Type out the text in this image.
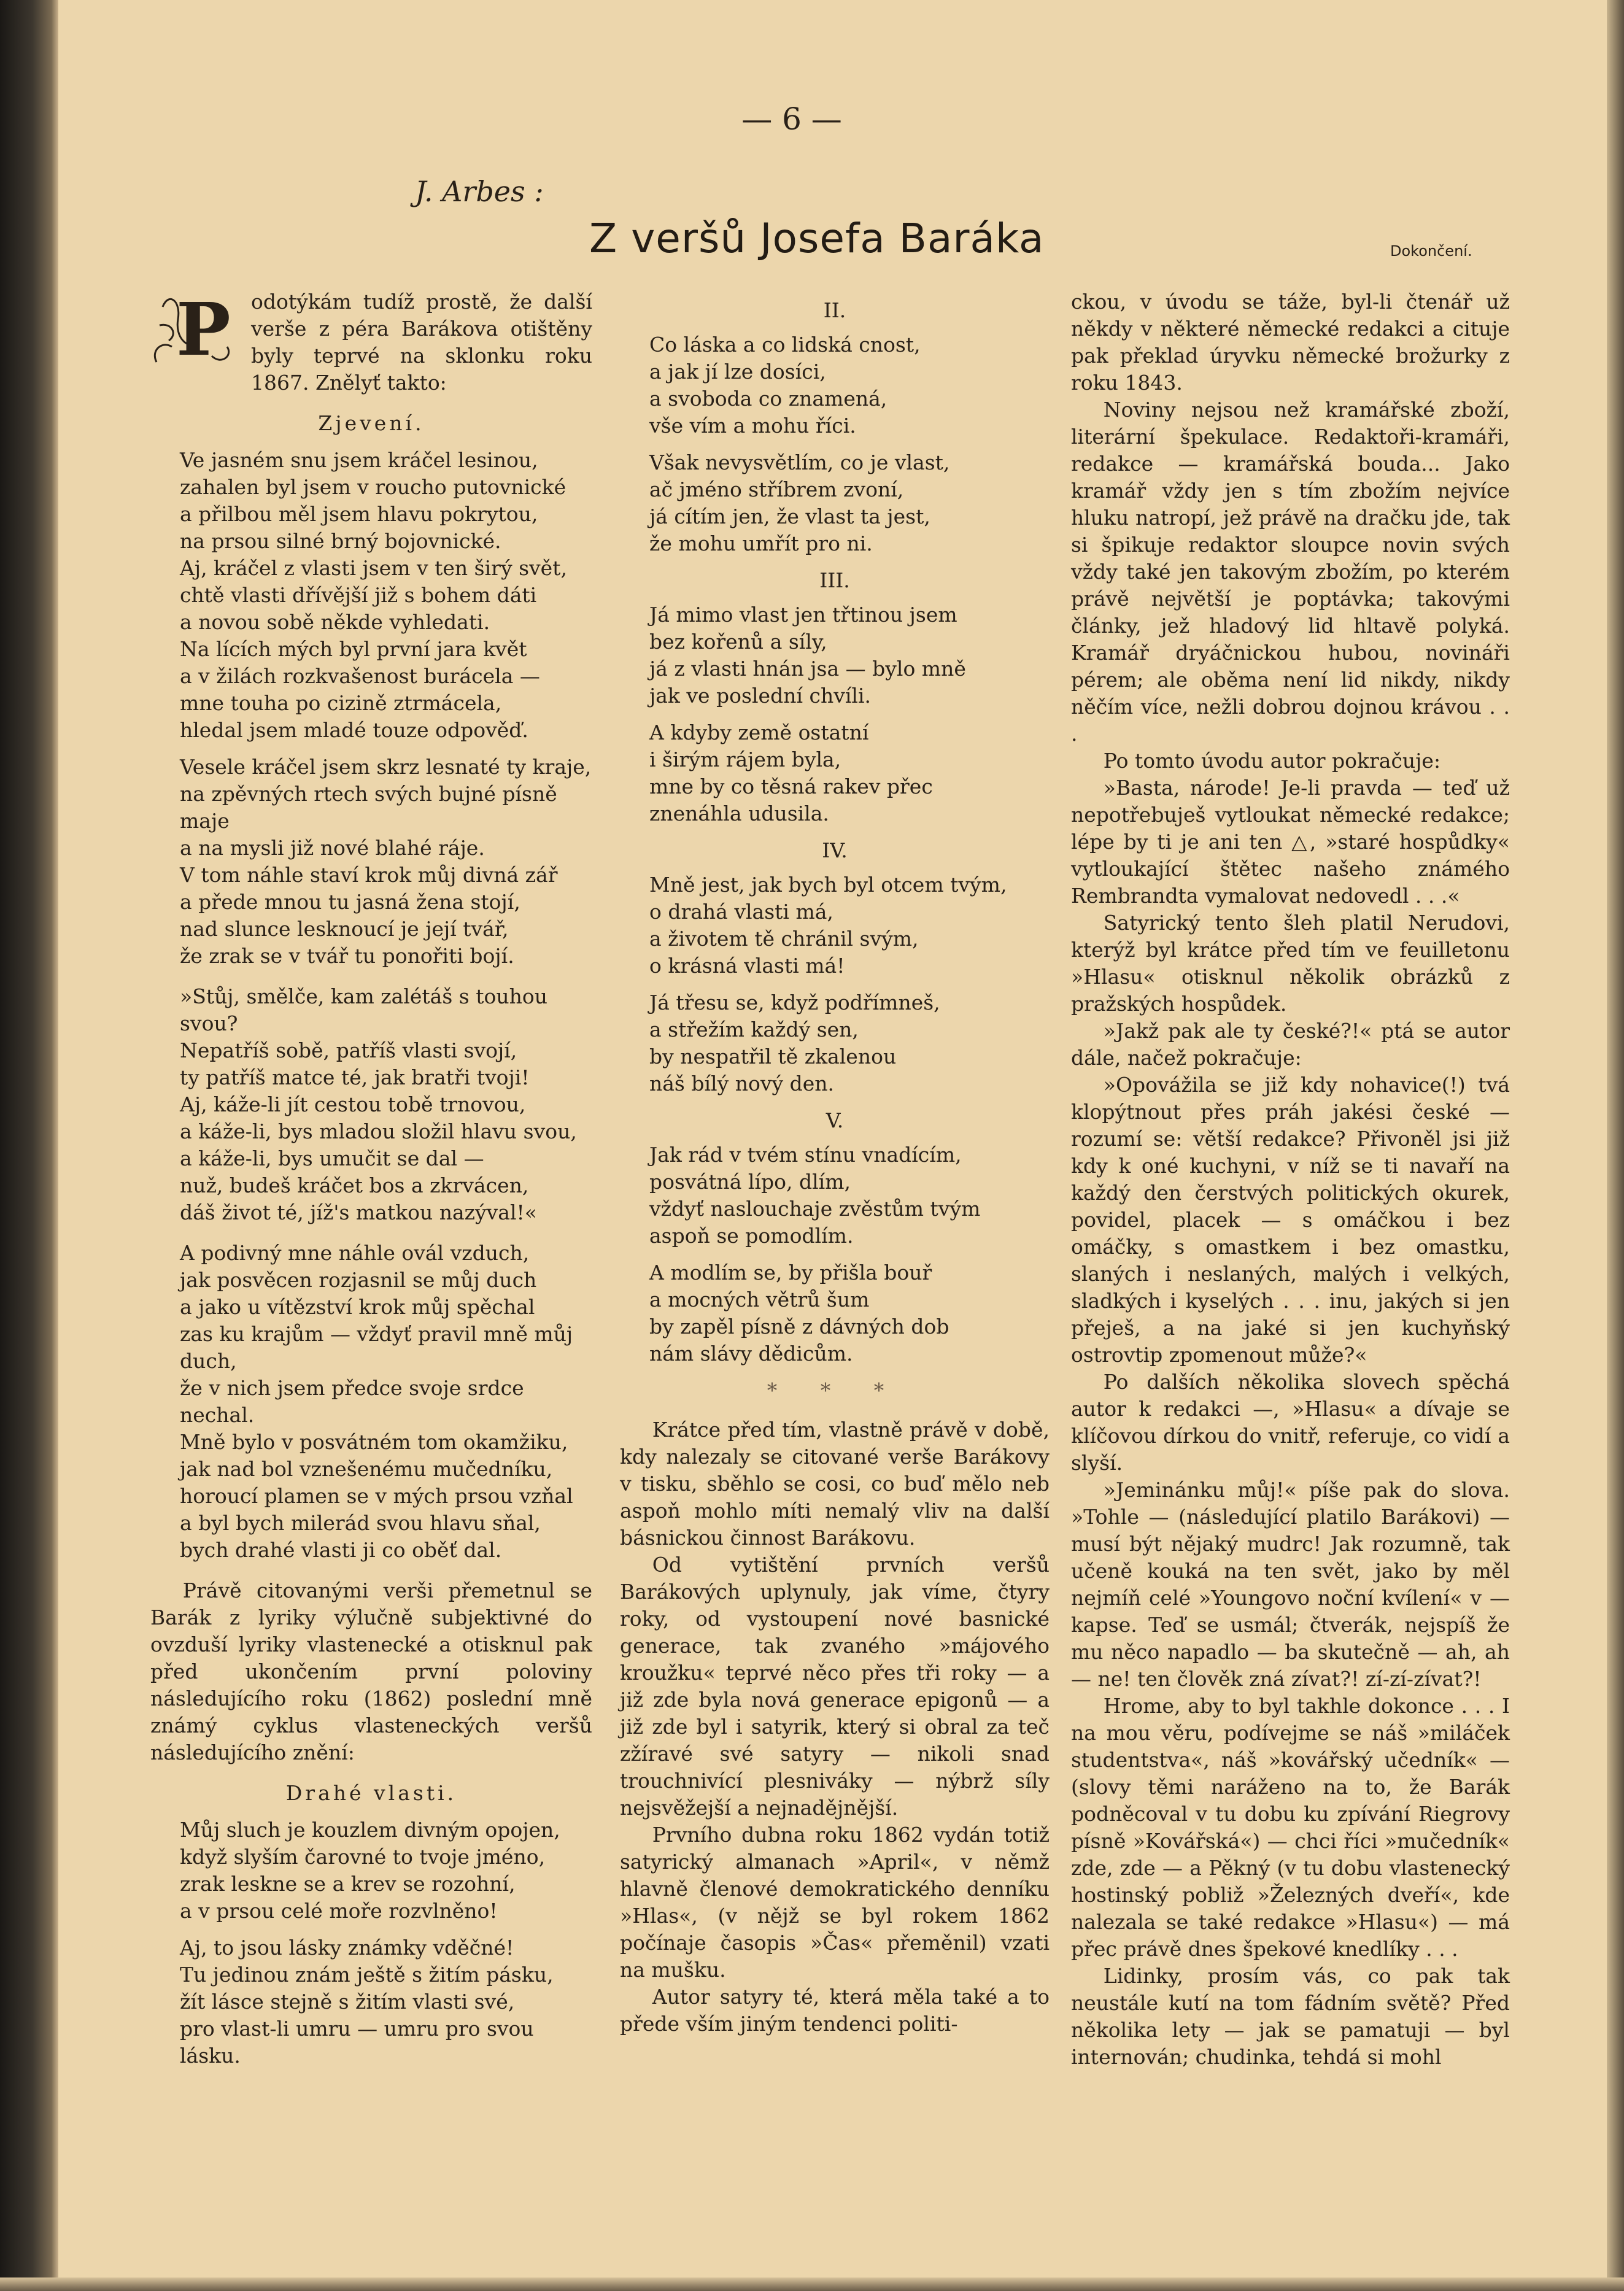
— 6 —
J. Arbes :
Z veršů Josefa Baráka	Dokončení.
P	odotýkám tudíž prostě, že další verše z péra Barákova otištěny byly teprvé na sklonku roku 1867. Znělyť takto:

Zjevení.

Ve jasném snu jsem kráčel lesinou,
zahalen byl jsem v roucho putovnické
a přilbou měl jsem hlavu pokrytou,
na prsou silné brný bojovnické.
Aj, kráčel z vlasti jsem v ten širý svět,
chtě vlasti dřívější již s bohem dáti
a novou sobě někde vyhledati.
Na lících mých byl první jara květ
a v žilách rozkvašenost burácela —
mne touha po cizině ztrmácela,
hledal jsem mladé touze odpověď.

Vesele kráčel jsem skrz lesnaté ty kraje,
na zpěvných rtech svých bujné písně maje
a na mysli již nové blahé ráje.
V tom náhle staví krok můj divná zář
a přede mnou tu jasná žena stojí,
nad slunce lesknoucí je její tvář,
že zrak se v tvář tu ponořiti bojí.

»Stůj, smělče, kam zalétáš s touhou svou?
Nepatříš sobě, patříš vlasti svojí,
ty patříš matce té, jak bratři tvoji!
Aj, káže-li jít cestou tobě trnovou,
a káže-li, bys mladou složil hlavu svou,
a káže-li, bys umučit se dal —
nuž, budeš kráčet bos a zkrvácen,
dáš život té, jíž's matkou nazýval!«

A podivný mne náhle ovál vzduch,
jak posvěcen rozjasnil se můj duch
a jako u vítězství krok můj spěchal
zas ku krajům — vždyť pravil mně můj duch,
že v nich jsem předce svoje srdce nechal.
Mně bylo v posvátném tom okamžiku,
jak nad bol vznešenému mučedníku,
horoucí plamen se v mých prsou vzňal
a byl bych milerád svou hlavu sňal,
bych drahé vlasti ji co oběť dal.

Právě citovanými verši přemetnul se Barák z lyriky výlučně subjektivné do ovzduší lyriky vlastenecké a otisknul pak před ukončením první poloviny následujícího roku (1862) poslední mně známý cyklus vlasteneckých veršů následujícího znění:

Drahé vlasti.

Můj sluch je kouzlem divným opojen,
když slyším čarovné to tvoje jméno,
zrak leskne se a krev se rozohní,
a v prsou celé moře rozvlněno!

Aj, to jsou lásky známky vděčné!
Tu jedinou znám ještě s žitím pásku,
žít lásce stejně s žitím vlasti své,
pro vlast-li umru — umru pro svou lásku.

II.

Co láska a co lidská cnost,
a jak jí lze dosíci,
a svoboda co znamená,
vše vím a mohu říci.

Však nevysvětlím, co je vlast,
ač jméno stříbrem zvoní,
já cítím jen, že vlast ta jest,
že mohu umřít pro ni.

III.

Já mimo vlast jen třtinou jsem
bez kořenů a síly,
já z vlasti hnán jsa — bylo mně
jak ve poslední chvíli.

A kdyby země ostatní
i širým rájem byla,
mne by co těsná rakev přec
znenáhla udusila.

IV.

Mně jest, jak bych byl otcem tvým,
o drahá vlasti má,
a životem tě chránil svým,
o krásná vlasti má!

Já třesu se, když podřímneš,
a střežím každý sen,
by nespatřil tě zkalenou
náš bílý nový den.

V.

Jak rád v tvém stínu vnadícím,
posvátná lípo, dlím,
vždyť naslouchaje zvěstům tvým
aspoň se pomodlím.

A modlím se, by přišla bouř
a mocných větrů šum
by zapěl písně z dávných dob
nám slávy dědicům.

* * *

Krátce před tím, vlastně právě v době, kdy nalezaly se citované verše Barákovy v tisku, sběhlo se cosi, co buď mělo neb aspoň mohlo míti nemalý vliv na další básnickou činnost Barákovu.

Od vytištění prvních veršů Barákových uplynuly, jak víme, čtyry roky, od vystoupení nové basnické generace, tak zvaného »májového kroužku« teprvé něco přes tři roky — a již zde byla nová generace epigonů — a již zde byl i satyrik, který si obral za teč zžíravé své satyry — nikoli snad trouchnivící plesniváky — nýbrž síly nejsvěžejší a nejnadějnější.

Prvního dubna roku 1862 vydán totiž satyrický almanach »April«, v němž hlavně členové demokratického denníku »Hlas«, (v nějž se byl rokem 1862 počínaje časopis »Čas« přeměnil) vzati na mušku.

Autor satyry té, která měla také a to přede vším jiným tendenci politi-

ckou, v úvodu se táže, byl-li čtenář už někdy v některé německé redakci a cituje pak překlad úryvku německé brožurky z roku 1843.

Noviny nejsou než kramářské zboží, literární špekulace. Redaktoři-kramáři, redakce — kramářská bouda... Jako kramář vždy jen s tím zbožím nejvíce hluku natropí, jež právě na dračku jde, tak si špikuje redaktor sloupce novin svých vždy také jen takovým zbožím, po kterém právě největší je poptávka; takovými články, jež hladový lid hltavě polyká. Kramář dryáčnickou hubou, novináři pérem; ale oběma není lid nikdy, nikdy něčím více, nežli dobrou dojnou krávou . . .

Po tomto úvodu autor pokračuje:

»Basta, národe! Je-li pravda — teď už nepotřebuješ vytloukat německé redakce; lépe by ti je ani ten △, »staré hospůdky« vytloukající štětec našeho známého Rembrandta vymalovat nedovedl . . .«

Satyrický tento šleh platil Nerudovi, kterýž byl krátce před tím ve feuilletonu »Hlasu« otisknul několik obrázků z pražských hospůdek.

»Jakž pak ale ty české?!« ptá se autor dále, načež pokračuje:

»Opovážila se již kdy nohavice(!) tvá klopýtnout přes práh jakési české — rozumí se: větší redakce? Přivoněl jsi již kdy k oné kuchyni, v níž se ti navaří na každý den čerstvých politických okurek, povidel, placek — s omáčkou i bez omáčky, s omastkem i bez omastku, slaných i neslaných, malých i velkých, sladkých i kyselých . . . inu, jakých si jen přeješ, a na jaké si jen kuchyňský ostrovtip zpomenout může?«

Po dalších několika slovech spěchá autor k redakci —, »Hlasu« a dívaje se klíčovou dírkou do vnitř, referuje, co vidí a slyší.

»Jeminánku můj!« píše pak do slova. »Tohle — (následující platilo Barákovi) — musí být nějaký mudrc! Jak rozumně, tak učeně kouká na ten svět, jako by měl nejmíň celé »Youngovo noční kvílení« v — kapse. Teď se usmál; čtverák, nejspíš že mu něco napadlo — ba skutečně — ah, ah — ne! ten člověk zná zívat?! zí-zí-zívat?!

Hrome, aby to byl takhle dokonce . . . I na mou věru, podívejme se náš »miláček studentstva«, náš »kovářský učedník« — (slovy těmi naráženo na to, že Barák podněcoval v tu dobu ku zpívání Riegrovy písně »Kovářská«) — chci říci »mučedník« zde, zde — a Pěkný (v tu dobu vlastenecký hostinský pobliž »Železných dveří«, kde nalezala se také redakce »Hlasu«) — má přec právě dnes špekové knedlíky . . .

Lidinky, prosím vás, co pak tak neustále kutí na tom fádním světě? Před několika lety — jak se pamatuji — byl internován; chudinka, tehdá si mohl
